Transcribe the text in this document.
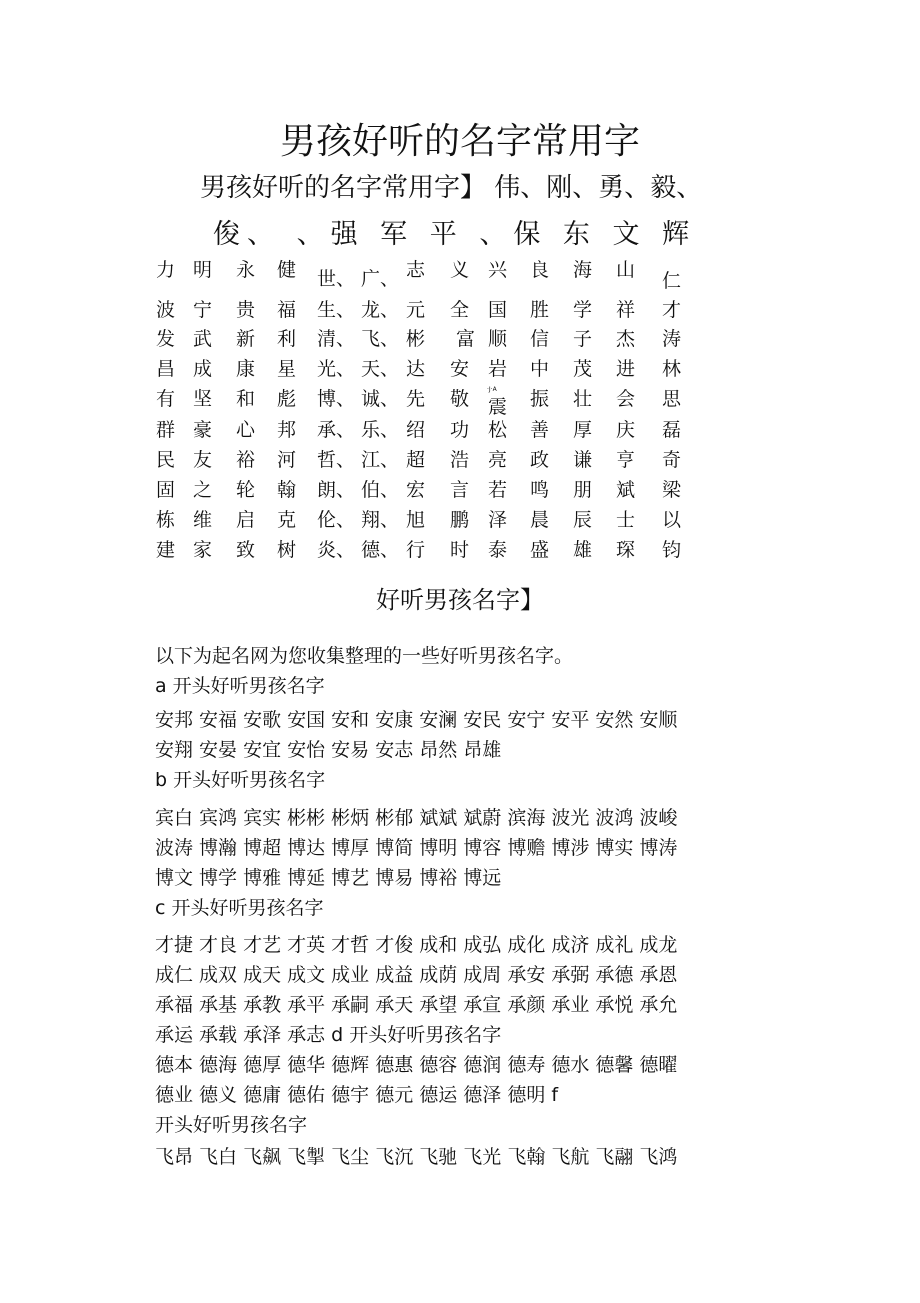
男孩好听的名字常用字
男孩好听的名字常用字】 伟、刚、勇、毅、
俊、 、强 军 平 、保 东 文 辉
力 明 永 健 世、 广、 志 义 兴 良 海 山 仁
波 宁 贵 福 生、 龙、 元 全 国 胜 学 祥 才
发 武 新 利 清、 飞、 彬 富 顺 信 子 杰 涛
昌 成 康 星 光、 天、 达 安 岩 中 茂 进 林
有 坚 和 彪 博、 诚、 先 敬 震 振 壮 会 思
群 豪 心 邦 承、 乐、 绍 功 松 善 厚 庆 磊
民 友 裕 河 哲、 江、 超 浩 亮 政 谦 亨 奇
固 之 轮 翰 朗、 伯、 宏 言 若 鸣 朋 斌 梁
栋 维 启 克 伦、 翔、 旭 鹏 泽 晨 辰 士 以
建 家 致 树 炎、 德、 行 时 泰 盛 雄 琛 钧
·J·A
好听男孩名字】
以下为起名网为您收集整理的一些好听男孩名字。
a 开头好听男孩名字
安邦 安福 安歌 安国 安和 安康 安澜 安民 安宁 安平 安然 安顺
安翔 安晏 安宜 安怡 安易 安志 昂然 昂雄
b 开头好听男孩名字
宾白 宾鸿 宾实 彬彬 彬炳 彬郁 斌斌 斌蔚 滨海 波光 波鸿 波峻
波涛 博瀚 博超 博达 博厚 博简 博明 博容 博赡 博涉 博实 博涛
博文 博学 博雅 博延 博艺 博易 博裕 博远
c 开头好听男孩名字
才捷 才良 才艺 才英 才哲 才俊 成和 成弘 成化 成济 成礼 成龙
成仁 成双 成天 成文 成业 成益 成荫 成周 承安 承弼 承德 承恩
承福 承基 承教 承平 承嗣 承天 承望 承宣 承颜 承业 承悦 承允
承运 承载 承泽 承志 d 开头好听男孩名字
德本 德海 德厚 德华 德辉 德惠 德容 德润 德寿 德水 德馨 德曜
德业 德义 德庸 德佑 德宇 德元 德运 德泽 德明 f
开头好听男孩名字
飞昂 飞白 飞飙 飞掣 飞尘 飞沉 飞驰 飞光 飞翰 飞航 飞翮 飞鸿
